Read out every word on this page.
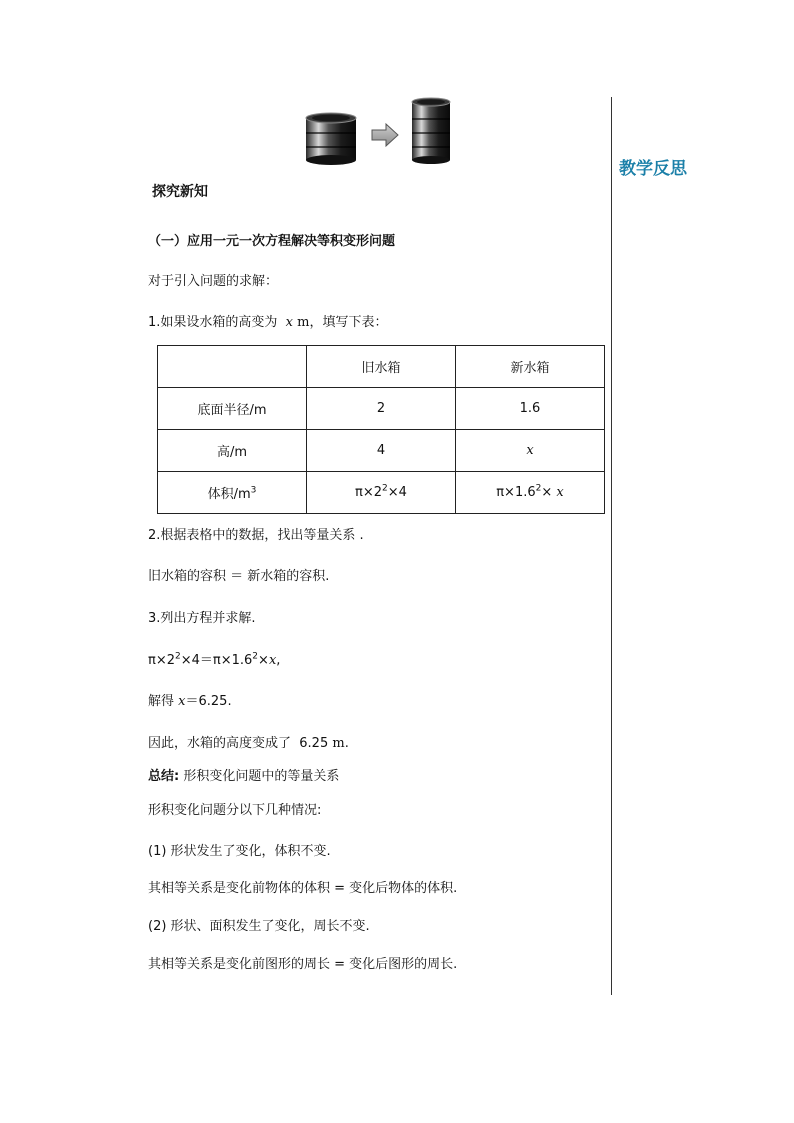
教学反思
探究新知
（一）应用一元一次方程解决等积变形问题
对于引入问题的求解：
1.如果设水箱的高变为 x m，填写下表：
	旧水箱	新水箱
底面半径/m	2	1.6
高/m	4	x
体积$/m^3$	$\pi\times 2^2\times 4$	$\pi\times 1.6^2\times x$
2.根据表格中的数据，找出等量关系 .
旧水箱的容积 ＝ 新水箱的容积.
3.列出方程并求解.
$\pi\times 2^2\times 4=\pi\times 1.6^2\times x$,
解得 x＝6.25.
因此，水箱的高度变成了 6.25 m.
总结: 形积变化问题中的等量关系
形积变化问题分以下几种情况:
(1) 形状发生了变化，体积不变.
其相等关系是变化前物体的体积 = 变化后物体的体积.
(2) 形状、面积发生了变化，周长不变.
其相等关系是变化前图形的周长 = 变化后图形的周长.
